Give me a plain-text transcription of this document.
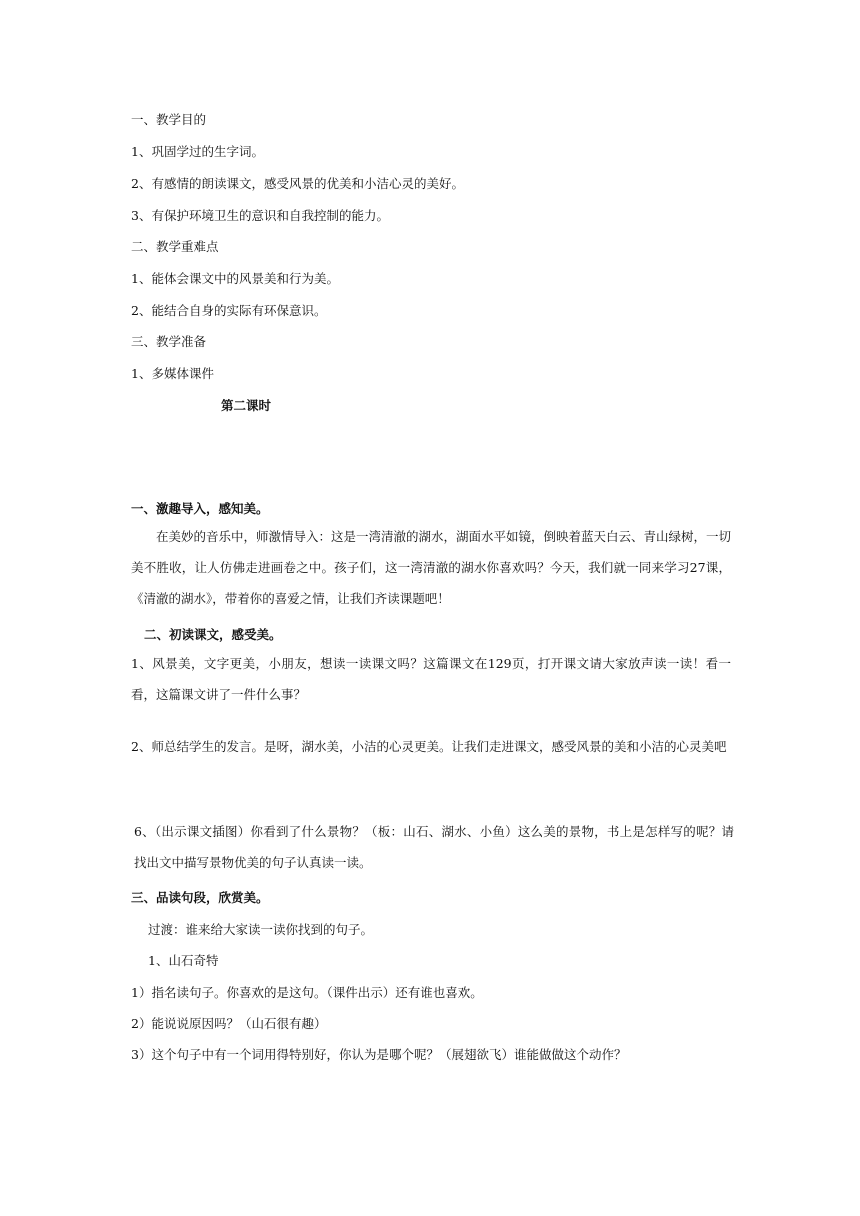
一、教学目的
1、巩固学过的生字词。
2、有感情的朗读课文，感受风景的优美和小洁心灵的美好。
3、有保护环境卫生的意识和自我控制的能力。
二、教学重难点
1、能体会课文中的风景美和行为美。
2、能结合自身的实际有环保意识。
三、教学准备
1、多媒体课件
第二课时
一、激趣导入，感知美。
在美妙的音乐中，师激情导入：这是一湾清澈的湖水，湖面水平如镜，倒映着蓝天白云、青山绿树，一切美不胜收，让人仿佛走进画卷之中。孩子们，这一湾清澈的湖水你喜欢吗？今天，我们就一同来学习27课，《清澈的湖水》，带着你的喜爱之情，让我们齐读课题吧！
二、初读课文，感受美。
1、风景美，文字更美，小朋友，想读一读课文吗？这篇课文在129页，打开课文请大家放声读一读！看一看，这篇课文讲了一件什么事？
2、师总结学生的发言。是呀，湖水美，小洁的心灵更美。让我们走进课文，感受风景的美和小洁的心灵美吧
6、（出示课文插图）你看到了什么景物？（板：山石、湖水、小鱼）这么美的景物，书上是怎样写的呢？请找出文中描写景物优美的句子认真读一读。
三、品读句段，欣赏美。
过渡：谁来给大家读一读你找到的句子。
1、山石奇特
1）指名读句子。你喜欢的是这句。（课件出示）还有谁也喜欢。
2）能说说原因吗？（山石很有趣）
3）这个句子中有一个词用得特别好，你认为是哪个呢？（展翅欲飞）谁能做做这个动作？
